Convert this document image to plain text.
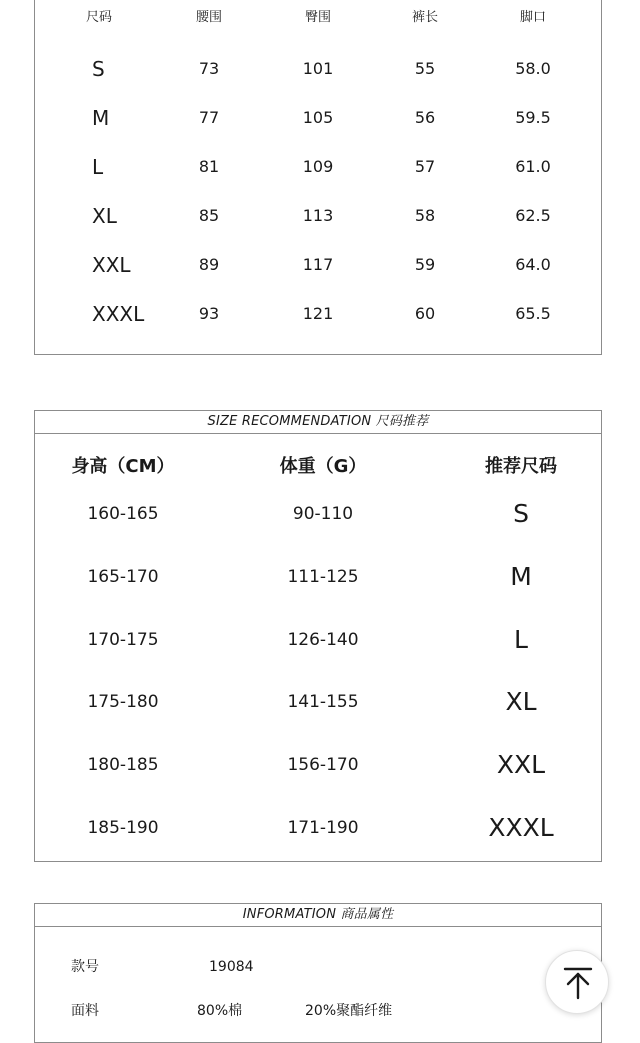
尺码	腰围	臀围	裤长	脚口
S	73	101	55	58.0
M	77	105	56	59.5
L	81	109	57	61.0
XL	85	113	58	62.5
XXL	89	117	59	64.0
XXXL	93	121	60	65.5
SIZE RECOMMENDATION 尺码推荐
身高（CM）	体重（G）	推荐尺码
160-165	90-110	S
165-170	111-125	M
170-175	126-140	L
175-180	141-155	XL
180-185	156-170	XXL
185-190	171-190	XXXL
INFORMATION 商品属性
款号	19084
面料	80%棉	20%聚酯纤维
